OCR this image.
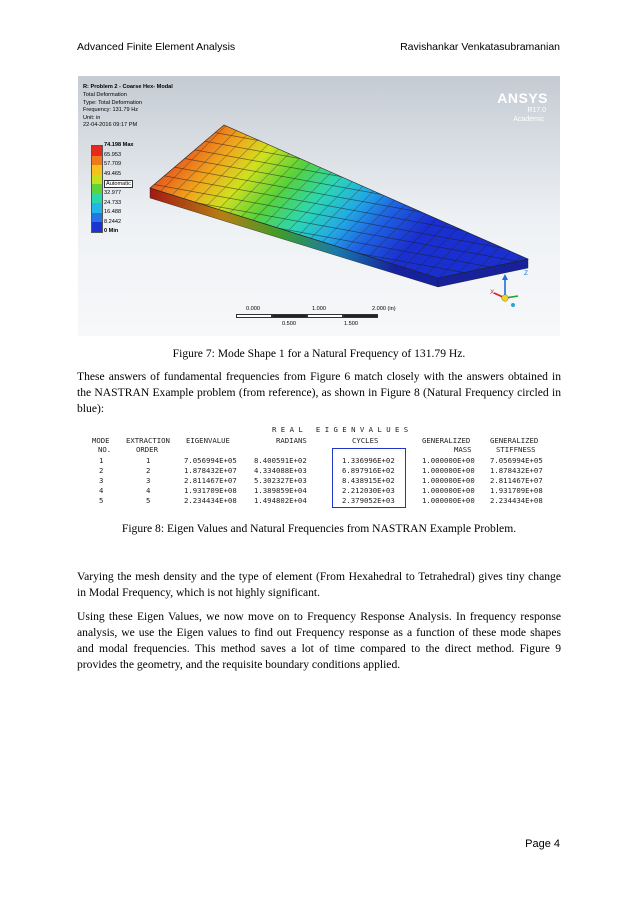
Advanced Finite Element Analysis	Ravishankar Venkatasubramanian
R: Problem 2 - Coarse Hex- Modal
Total Deformation
Type: Total Deformation
Frequency: 131.79 Hz
Unit: in
22-04-2016 09:17 PM
ANSYS
R17.0
Academic
74.198 Max
65.953
57.709
49.465
Automatic
32.977
24.733
16.488
8.2442
0 Min
0.000	1.000	2.000 (in)
0.500	1.500
Z
X
Figure 7: Mode Shape 1 for a Natural Frequency of 131.79 Hz.
These answers of fundamental frequencies from Figure 6 match closely with the answers obtained in the NASTRAN Example problem (from reference), as shown in Figure 8 (Natural Frequency circled in blue):
R E A L   E I G E N V A L U E S
MODE EXTRACTION EIGENVALUE	RADIANS	CYCLES	GENERALIZED	GENERALIZED
NO.	ORDER	MASS	STIFFNESS
1	1	7.056994E+05 8.400591E+02	1.336996E+02	1.000000E+00 7.056994E+05
2	2	1.878432E+07 4.334088E+03	6.897916E+02	1.000000E+00 1.878432E+07
3	3	2.811467E+07 5.302327E+03	8.438915E+02	1.000000E+00 2.811467E+07
4	4	1.931709E+08 1.389859E+04	2.212030E+03	1.000000E+00 1.931709E+08
5	5	2.234434E+08 1.494802E+04	2.379052E+03	1.000000E+00 2.234434E+08
Figure 8: Eigen Values and Natural Frequencies from NASTRAN Example Problem.
Varying the mesh density and the type of element (From Hexahedral to Tetrahedral) gives tiny change in Modal Frequency, which is not highly significant.
Using these Eigen Values, we now move on to Frequency Response Analysis. In frequency response analysis, we use the Eigen values to find out Frequency response as a function of these mode shapes and modal frequencies. This method saves a lot of time compared to the direct method. Figure 9 provides the geometry, and the requisite boundary conditions applied.
Page 4
